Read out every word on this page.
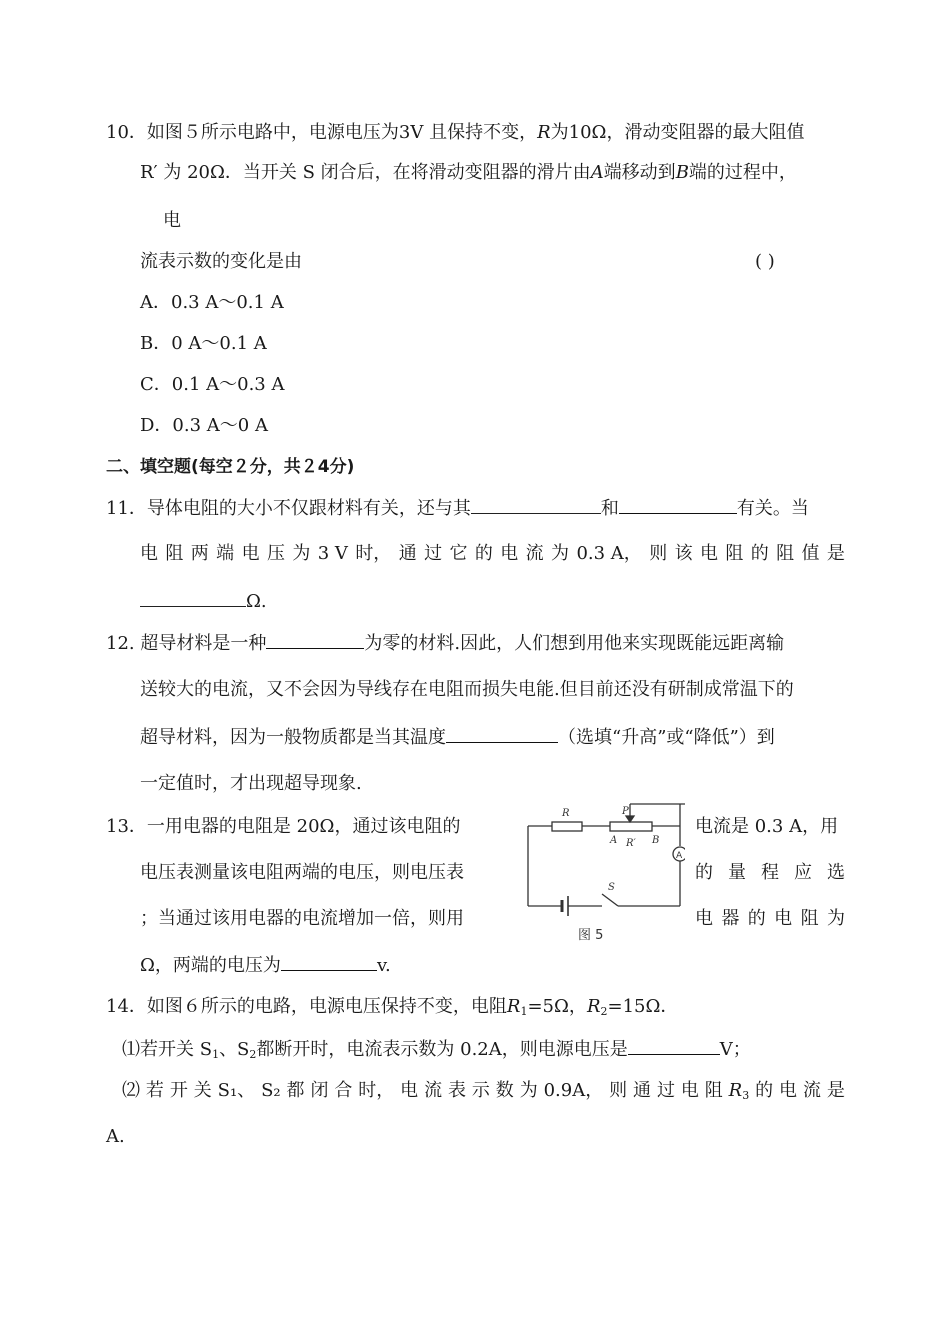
10．如图５所示电路中，电源电压为3V 且保持不变，R为10Ω，滑动变阻器的最大阻值
R′ 为 20Ω．当开关 S 闭合后，在将滑动变阻器的滑片由A端移动到B端的过程中，
电
流表示数的变化是由	( )
A．0.3 A～0.1 A
B．0 A～0.1 A
C．0.1 A～0.3 A
D．0.3 A～0 A
二、填空题(每空２分，共２4分)
11．导体电阻的大小不仅跟材料有关，还与其	和	有关。当
电 阻 两 端 电 压 为 3 V 时， 通 过 它 的 电 流 为 0.3 A， 则 该 电 阻 的 阻 值 是
Ω.
12. 超导材料是一种	为零的材料.因此，人们想到用他来实现既能远距离输
送较大的电流，又不会因为导线存在电阻而损失电能.但目前还没有研制成常温下的
超导材料，因为一般物质都是当其温度	（选填“升高”或“降低”）到
一定值时，才出现超导现象.
13．一用电器的电阻是 20Ω，通过该电阻的	电流是 0.3 A，用
电压表测量该电阻两端的电压，则电压表	的 量 程 应 选
；当通过该用电器的电流增加一倍，则用	电 器 的 电 阻 为
Ω，两端的电压为	v.
R	P
A R′ B
S
A
图 5
14．如图６所示的电路，电源电压保持不变，电阻$R_1=5\Omega$，$R_2=15\Omega$．
⑴若开关 $S_1$、$S_2$都断开时，电流表示数为 0.2A，则电源电压是	V；
⑵ 若 开 关 S₁、 S₂ 都 闭 合 时， 电 流 表 示 数 为 0.9A， 则 通 过 电 阻 $R_3$ 的 电 流 是
A.
